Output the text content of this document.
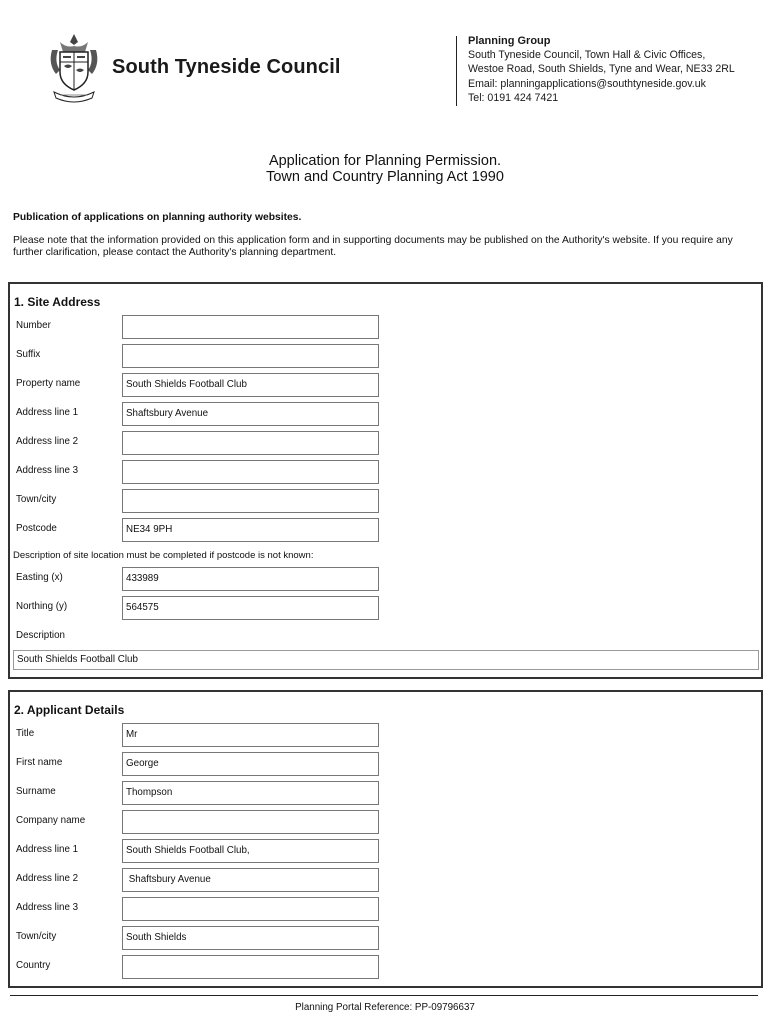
South Tyneside Council
Planning Group
South Tyneside Council, Town Hall & Civic Offices,
Westoe Road, South Shields, Tyne and Wear, NE33 2RL
Email: planningapplications@southtyneside.gov.uk
Tel: 0191 424 7421
Application for Planning Permission.
Town and Country Planning Act 1990
Publication of applications on planning authority websites.
Please note that the information provided on this application form and in supporting documents may be published on the Authority's website. If you require any further clarification, please contact the Authority's planning department.
1. Site Address
Number
Suffix
Property name	South Shields Football Club
Address line 1	Shaftsbury Avenue
Address line 2
Address line 3
Town/city
Postcode	NE34 9PH
Description of site location must be completed if postcode is not known:
Easting (x)	433989
Northing (y)	564575
Description
South Shields Football Club
2. Applicant Details
Title	Mr
First name	George
Surname	Thompson
Company name
Address line 1	South Shields Football Club,
Address line 2	Shaftsbury Avenue
Address line 3
Town/city	South Shields
Country
Planning Portal Reference: PP-09796637
